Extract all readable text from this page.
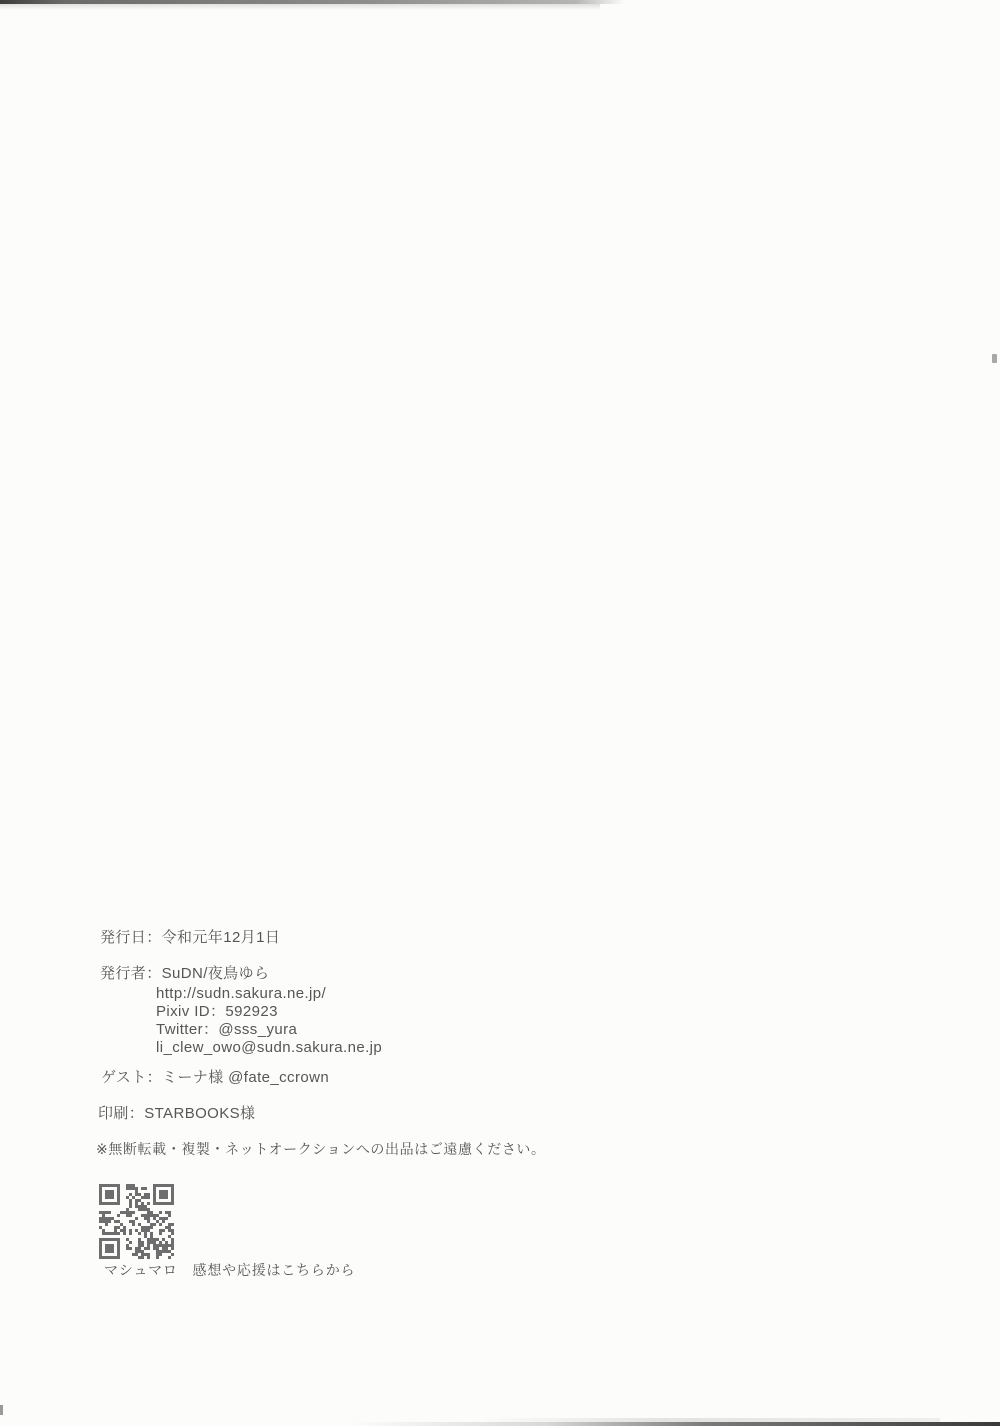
発行日：令和元年12月1日
発行者：SuDN/夜鳥ゆら
http://sudn.sakura.ne.jp/
Pixiv ID：592923
Twitter：@sss_yura
li_clew_owo@sudn.sakura.ne.jp
ゲスト：ミーナ様 @fate_ccrown
印刷：STARBOOKS様
※無断転載・複製・ネットオークションへの出品はご遠慮ください。
マシュマロ　感想や応援はこちらから
